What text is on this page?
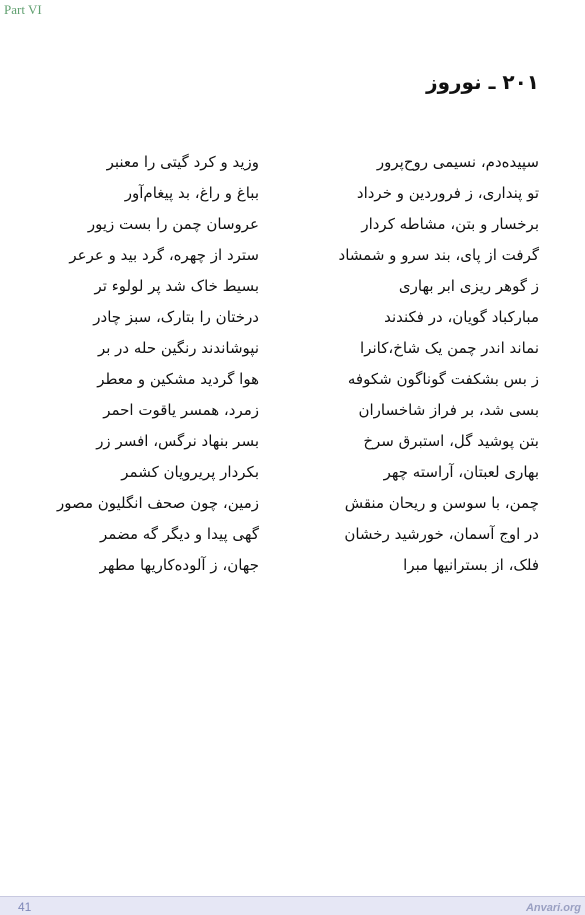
Part VI
۲۰۱ ـ نوروز
سپیده‌دم، نسیمی روح‌پرور
وزید و کرد گیتی را معنبر
تو پنداری، ز فروردین و خرداد
بباغ و راغ، بد پیغام‌آور
برخسار و بتن، مشاطه کردار
عروسان چمن را بست زیور
گرفت از پای، بند سرو و شمشاد
سترد از چهره، گرد بید و عرعر
ز گوهر ریزی ابر بهاری
بسیط خاک شد پر لولوء تر
مبارکباد گویان، در فکندند
درختان را بتارک، سبز چادر
نماند اندر چمن یک شاخ،کانرا
نپوشاندند رنگین حله در بر
ز بس بشکفت گوناگون شکوفه
هوا گردید مشکین و معطر
بسی شد، بر فراز شاخساران
زمرد، همسر یاقوت احمر
بتن پوشید گل، استبرق سرخ
بسر بنهاد نرگس، افسر زر
بهاری لعبتان، آراسته چهر
بکردار پریرویان کشمر
چمن، با سوسن و ریحان منقش
زمین، چون صحف انگلیون مصور
در اوج آسمان، خورشید رخشان
گهی پیدا و دیگر گه مضمر
فلک، از بسترانیها مبرا
جهان، ز آلوده‌کاریها مطهر
41	Anvari.org
